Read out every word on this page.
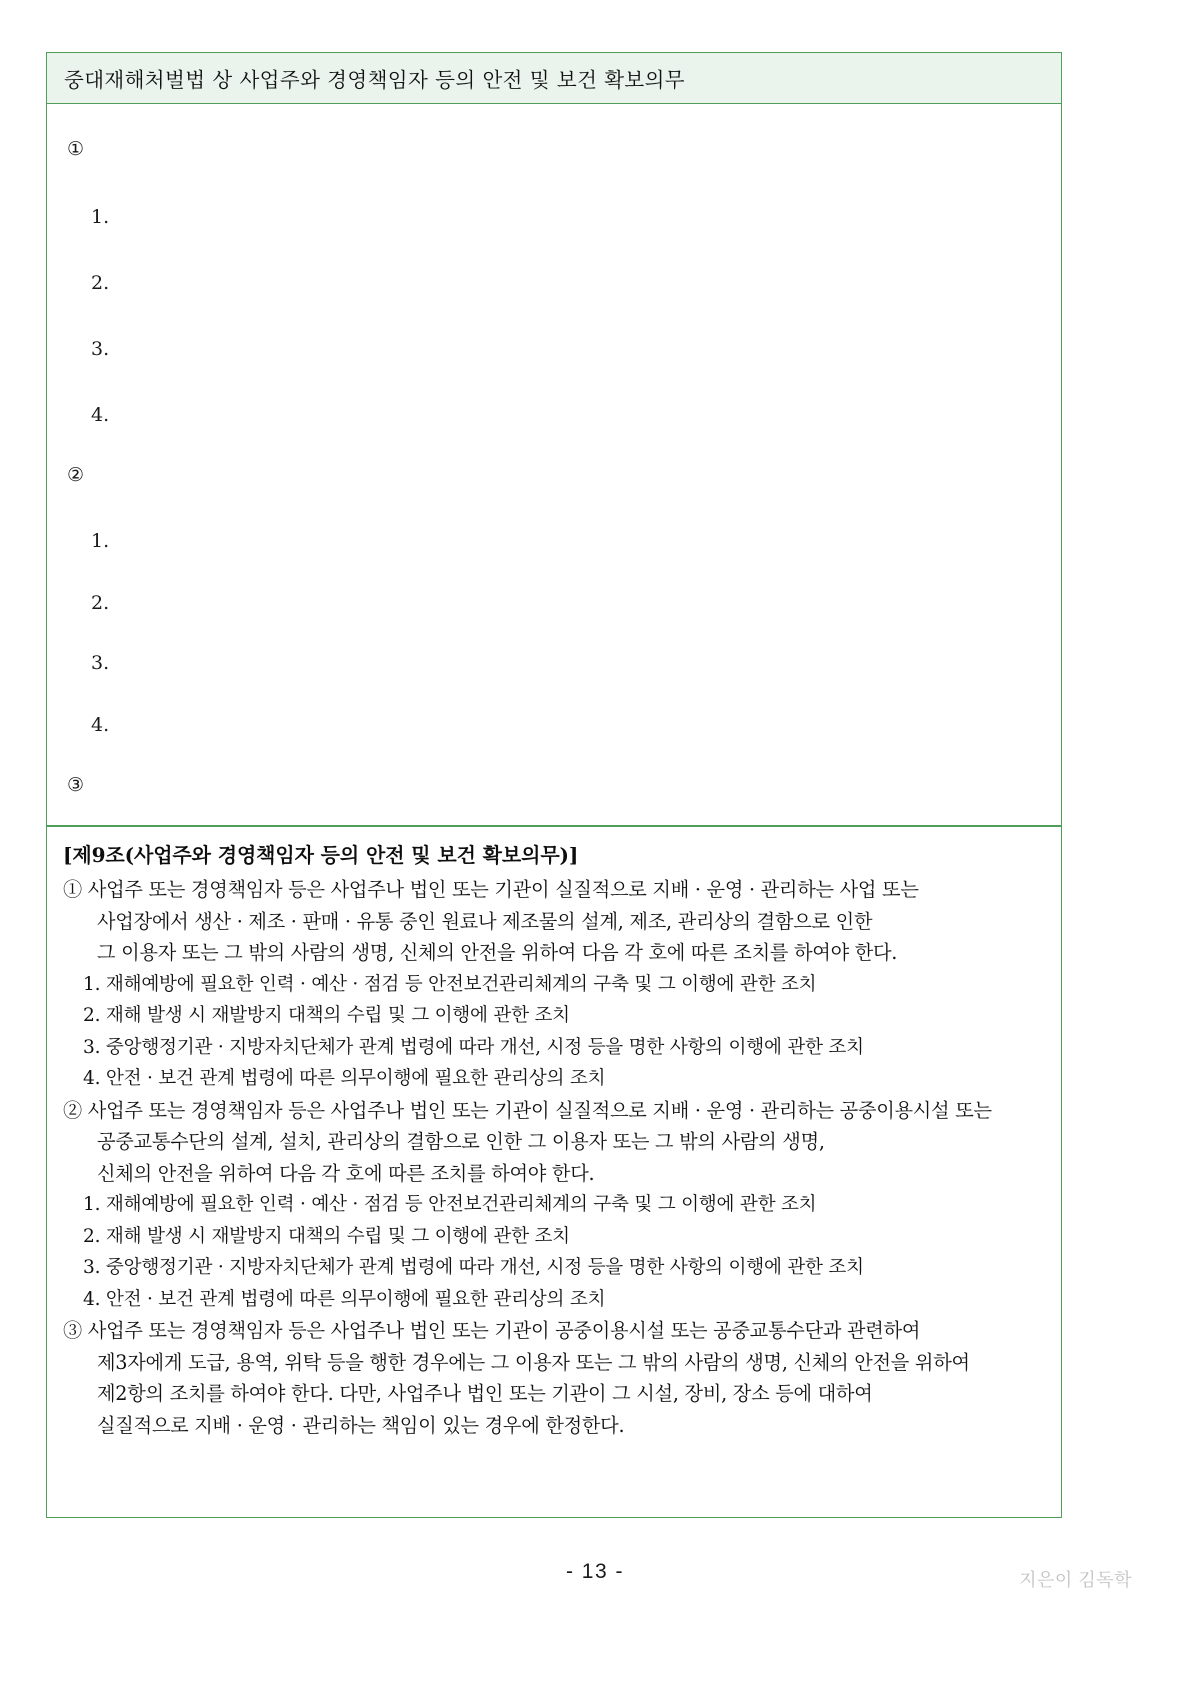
중대재해처벌법 상 사업주와 경영책임자 등의 안전 및 보건 확보의무
①
1.
2.
3.
4.
②
1.
2.
3.
4.
③
[제9조(사업주와 경영책임자 등의 안전 및 보건 확보의무)]
① 사업주 또는 경영책임자 등은 사업주나 법인 또는 기관이 실질적으로 지배 · 운영 · 관리하는 사업 또는
사업장에서 생산 · 제조 · 판매 · 유통 중인 원료나 제조물의 설계, 제조, 관리상의 결함으로 인한
그 이용자 또는 그 밖의 사람의 생명, 신체의 안전을 위하여 다음 각 호에 따른 조치를 하여야 한다.
1. 재해예방에 필요한 인력 · 예산 · 점검 등 안전보건관리체계의 구축 및 그 이행에 관한 조치
2. 재해 발생 시 재발방지 대책의 수립 및 그 이행에 관한 조치
3. 중앙행정기관 · 지방자치단체가 관계 법령에 따라 개선, 시정 등을 명한 사항의 이행에 관한 조치
4. 안전 · 보건 관계 법령에 따른 의무이행에 필요한 관리상의 조치
② 사업주 또는 경영책임자 등은 사업주나 법인 또는 기관이 실질적으로 지배 · 운영 · 관리하는 공중이용시설 또는
공중교통수단의 설계, 설치, 관리상의 결함으로 인한 그 이용자 또는 그 밖의 사람의 생명,
신체의 안전을 위하여 다음 각 호에 따른 조치를 하여야 한다.
1. 재해예방에 필요한 인력 · 예산 · 점검 등 안전보건관리체계의 구축 및 그 이행에 관한 조치
2. 재해 발생 시 재발방지 대책의 수립 및 그 이행에 관한 조치
3. 중앙행정기관 · 지방자치단체가 관계 법령에 따라 개선, 시정 등을 명한 사항의 이행에 관한 조치
4. 안전 · 보건 관계 법령에 따른 의무이행에 필요한 관리상의 조치
③ 사업주 또는 경영책임자 등은 사업주나 법인 또는 기관이 공중이용시설 또는 공중교통수단과 관련하여
제3자에게 도급, 용역, 위탁 등을 행한 경우에는 그 이용자 또는 그 밖의 사람의 생명, 신체의 안전을 위하여
제2항의 조치를 하여야 한다. 다만, 사업주나 법인 또는 기관이 그 시설, 장비, 장소 등에 대하여
실질적으로 지배 · 운영 · 관리하는 책임이 있는 경우에 한정한다.
- 13 -	지은이 김독학
